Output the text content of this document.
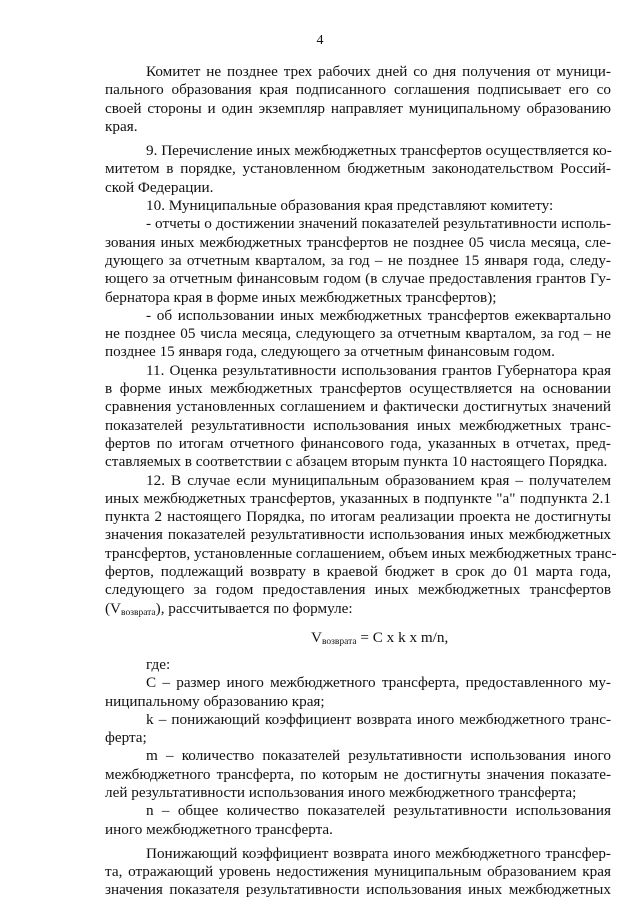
4
Комитет не позднее трех рабочих дней со дня получения от муници-
пального образования края подписанного соглашения подписывает его со
своей стороны и один экземпляр направляет муниципальному образованию
края.
9. Перечисление иных межбюджетных трансфертов осуществляется ко-
митетом в порядке, установленном бюджетным законодательством Россий-
ской Федерации.
10. Муниципальные образования края представляют комитету:
- отчеты о достижении значений показателей результативности исполь-
зования иных межбюджетных трансфертов не позднее 05 числа месяца, сле-
дующего за отчетным кварталом, за год – не позднее 15 января года, следу-
ющего за отчетным финансовым годом (в случае предоставления грантов Гу-
бернатора края в форме иных межбюджетных трансфертов);
- об использовании иных межбюджетных трансфертов ежеквартально
не позднее 05 числа месяца, следующего за отчетным кварталом, за год – не
позднее 15 января года, следующего за отчетным финансовым годом.
11. Оценка результативности использования грантов Губернатора края
в форме иных межбюджетных трансфертов осуществляется на основании
сравнения установленных соглашением и фактически достигнутых значений
показателей результативности использования иных межбюджетных транс-
фертов по итогам отчетного финансового года, указанных в отчетах, пред-
ставляемых в соответствии с абзацем вторым пункта 10 настоящего Порядка.
12. В случае если муниципальным образованием края – получателем
иных межбюджетных трансфертов, указанных в подпункте "а" подпункта 2.1
пункта 2 настоящего Порядка, по итогам реализации проекта не достигнуты
значения показателей результативности использования иных межбюджетных
трансфертов, установленные соглашением, объем иных межбюджетных транс-
фертов, подлежащий возврату в краевой бюджет в срок до 01 марта года,
следующего за годом предоставления иных межбюджетных трансфертов
$(V_{возврата})$, рассчитывается по формуле:
$V_{возврата} = C$ x k x m/n,
где:
C – размер иного межбюджетного трансферта, предоставленного му-
ниципальному образованию края;
k – понижающий коэффициент возврата иного межбюджетного транс-
ферта;
m – количество показателей результативности использования иного
межбюджетного трансферта, по которым не достигнуты значения показате-
лей результативности использования иного межбюджетного трансферта;
n – общее количество показателей результативности использования
иного межбюджетного трансферта.
Понижающий коэффициент возврата иного межбюджетного трансфер-
та, отражающий уровень недостижения муниципальным образованием края
значения показателя результативности использования иных межбюджетных
